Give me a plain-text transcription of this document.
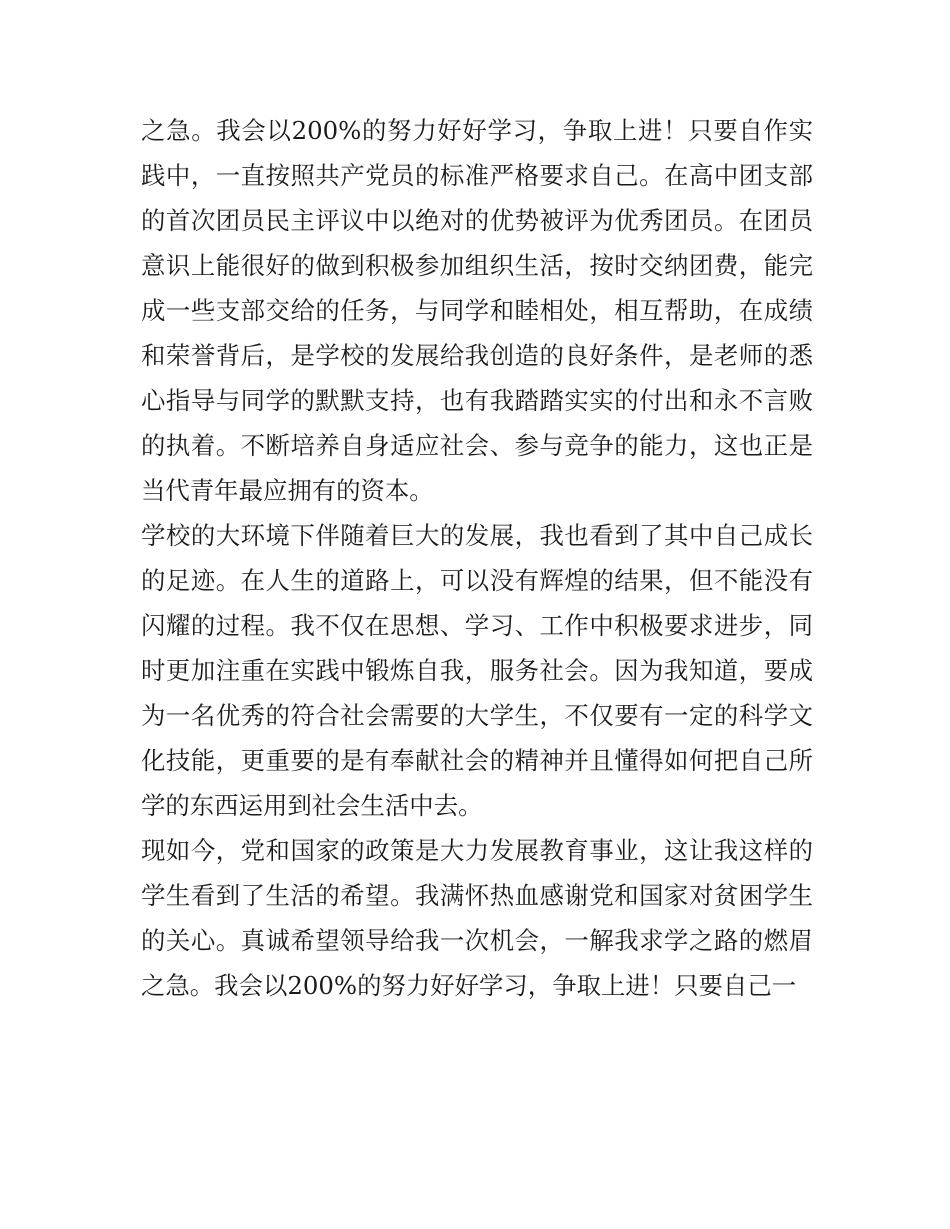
之急。我会以200%的努力好好学习，争取上进！只要自作实
践中，一直按照共产党员的标准严格要求自己。在高中团支部
的首次团员民主评议中以绝对的优势被评为优秀团员。在团员
意识上能很好的做到积极参加组织生活，按时交纳团费，能完
成一些支部交给的任务，与同学和睦相处，相互帮助，在成绩
和荣誉背后，是学校的发展给我创造的良好条件，是老师的悉
心指导与同学的默默支持，也有我踏踏实实的付出和永不言败
的执着。不断培养自身适应社会、参与竞争的能力，这也正是
当代青年最应拥有的资本。
学校的大环境下伴随着巨大的发展，我也看到了其中自己成长
的足迹。在人生的道路上，可以没有辉煌的结果，但不能没有
闪耀的过程。我不仅在思想、学习、工作中积极要求进步，同
时更加注重在实践中锻炼自我，服务社会。因为我知道，要成
为一名优秀的符合社会需要的大学生，不仅要有一定的科学文
化技能，更重要的是有奉献社会的精神并且懂得如何把自己所
学的东西运用到社会生活中去。
现如今，党和国家的政策是大力发展教育事业，这让我这样的
学生看到了生活的希望。我满怀热血感谢党和国家对贫困学生
的关心。真诚希望领导给我一次机会，一解我求学之路的燃眉
之急。我会以200%的努力好好学习，争取上进！只要自己一
